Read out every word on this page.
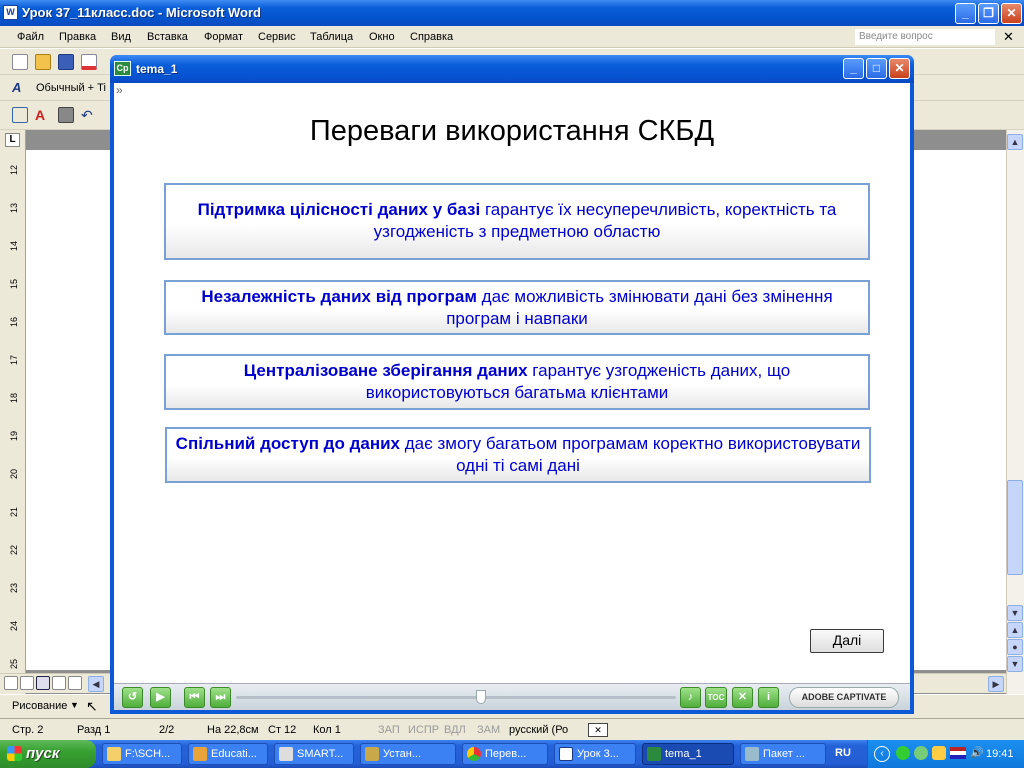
W Урок 37_11класс.doc - Microsoft Word	_	❐	✕
Файл Правка Вид Вставка Формат Сервис Таблица Окно Справка	Введите вопрос	✕
A	Обычный + Ti
A	↶
12
13
14
15
16
17
18
19
20
21
22
23
24
25
L	▲
▼
▲
●
▼
◀	▶
Рисование ▼ ↖
Стр. 2	Разд 1	2/2	На 22,8см Ст 12 Кол 1	ЗАП ИСПР ВДЛ ЗАМ русский (Ро	✕
Cp tema_1	_	□	✕
»
Переваги використання СКБД
Підтримка цілісності даних у базі гарантує їх несуперечливість, коректність та узгодженість з предметною областю
Незалежність даних від програм дає можливість змінювати дані без змінення програм і навпаки
Централізоване зберігання даних гарантує узгодженість даних, що використовуються багатьма клієнтами
Спільний доступ до даних дає змогу багатьом програмам коректно використовувати одні ті самі дані
Далі
↺	▶	⏮	⏭	♪	TOC	✕	i	ADOBE CAPTIVATE
пуск	F:\SCH...	Educati...	SMART...	Устан...	Перев...	Урок 3...	tema_1	Пакет ...	RU	‹	🔊 19:41
